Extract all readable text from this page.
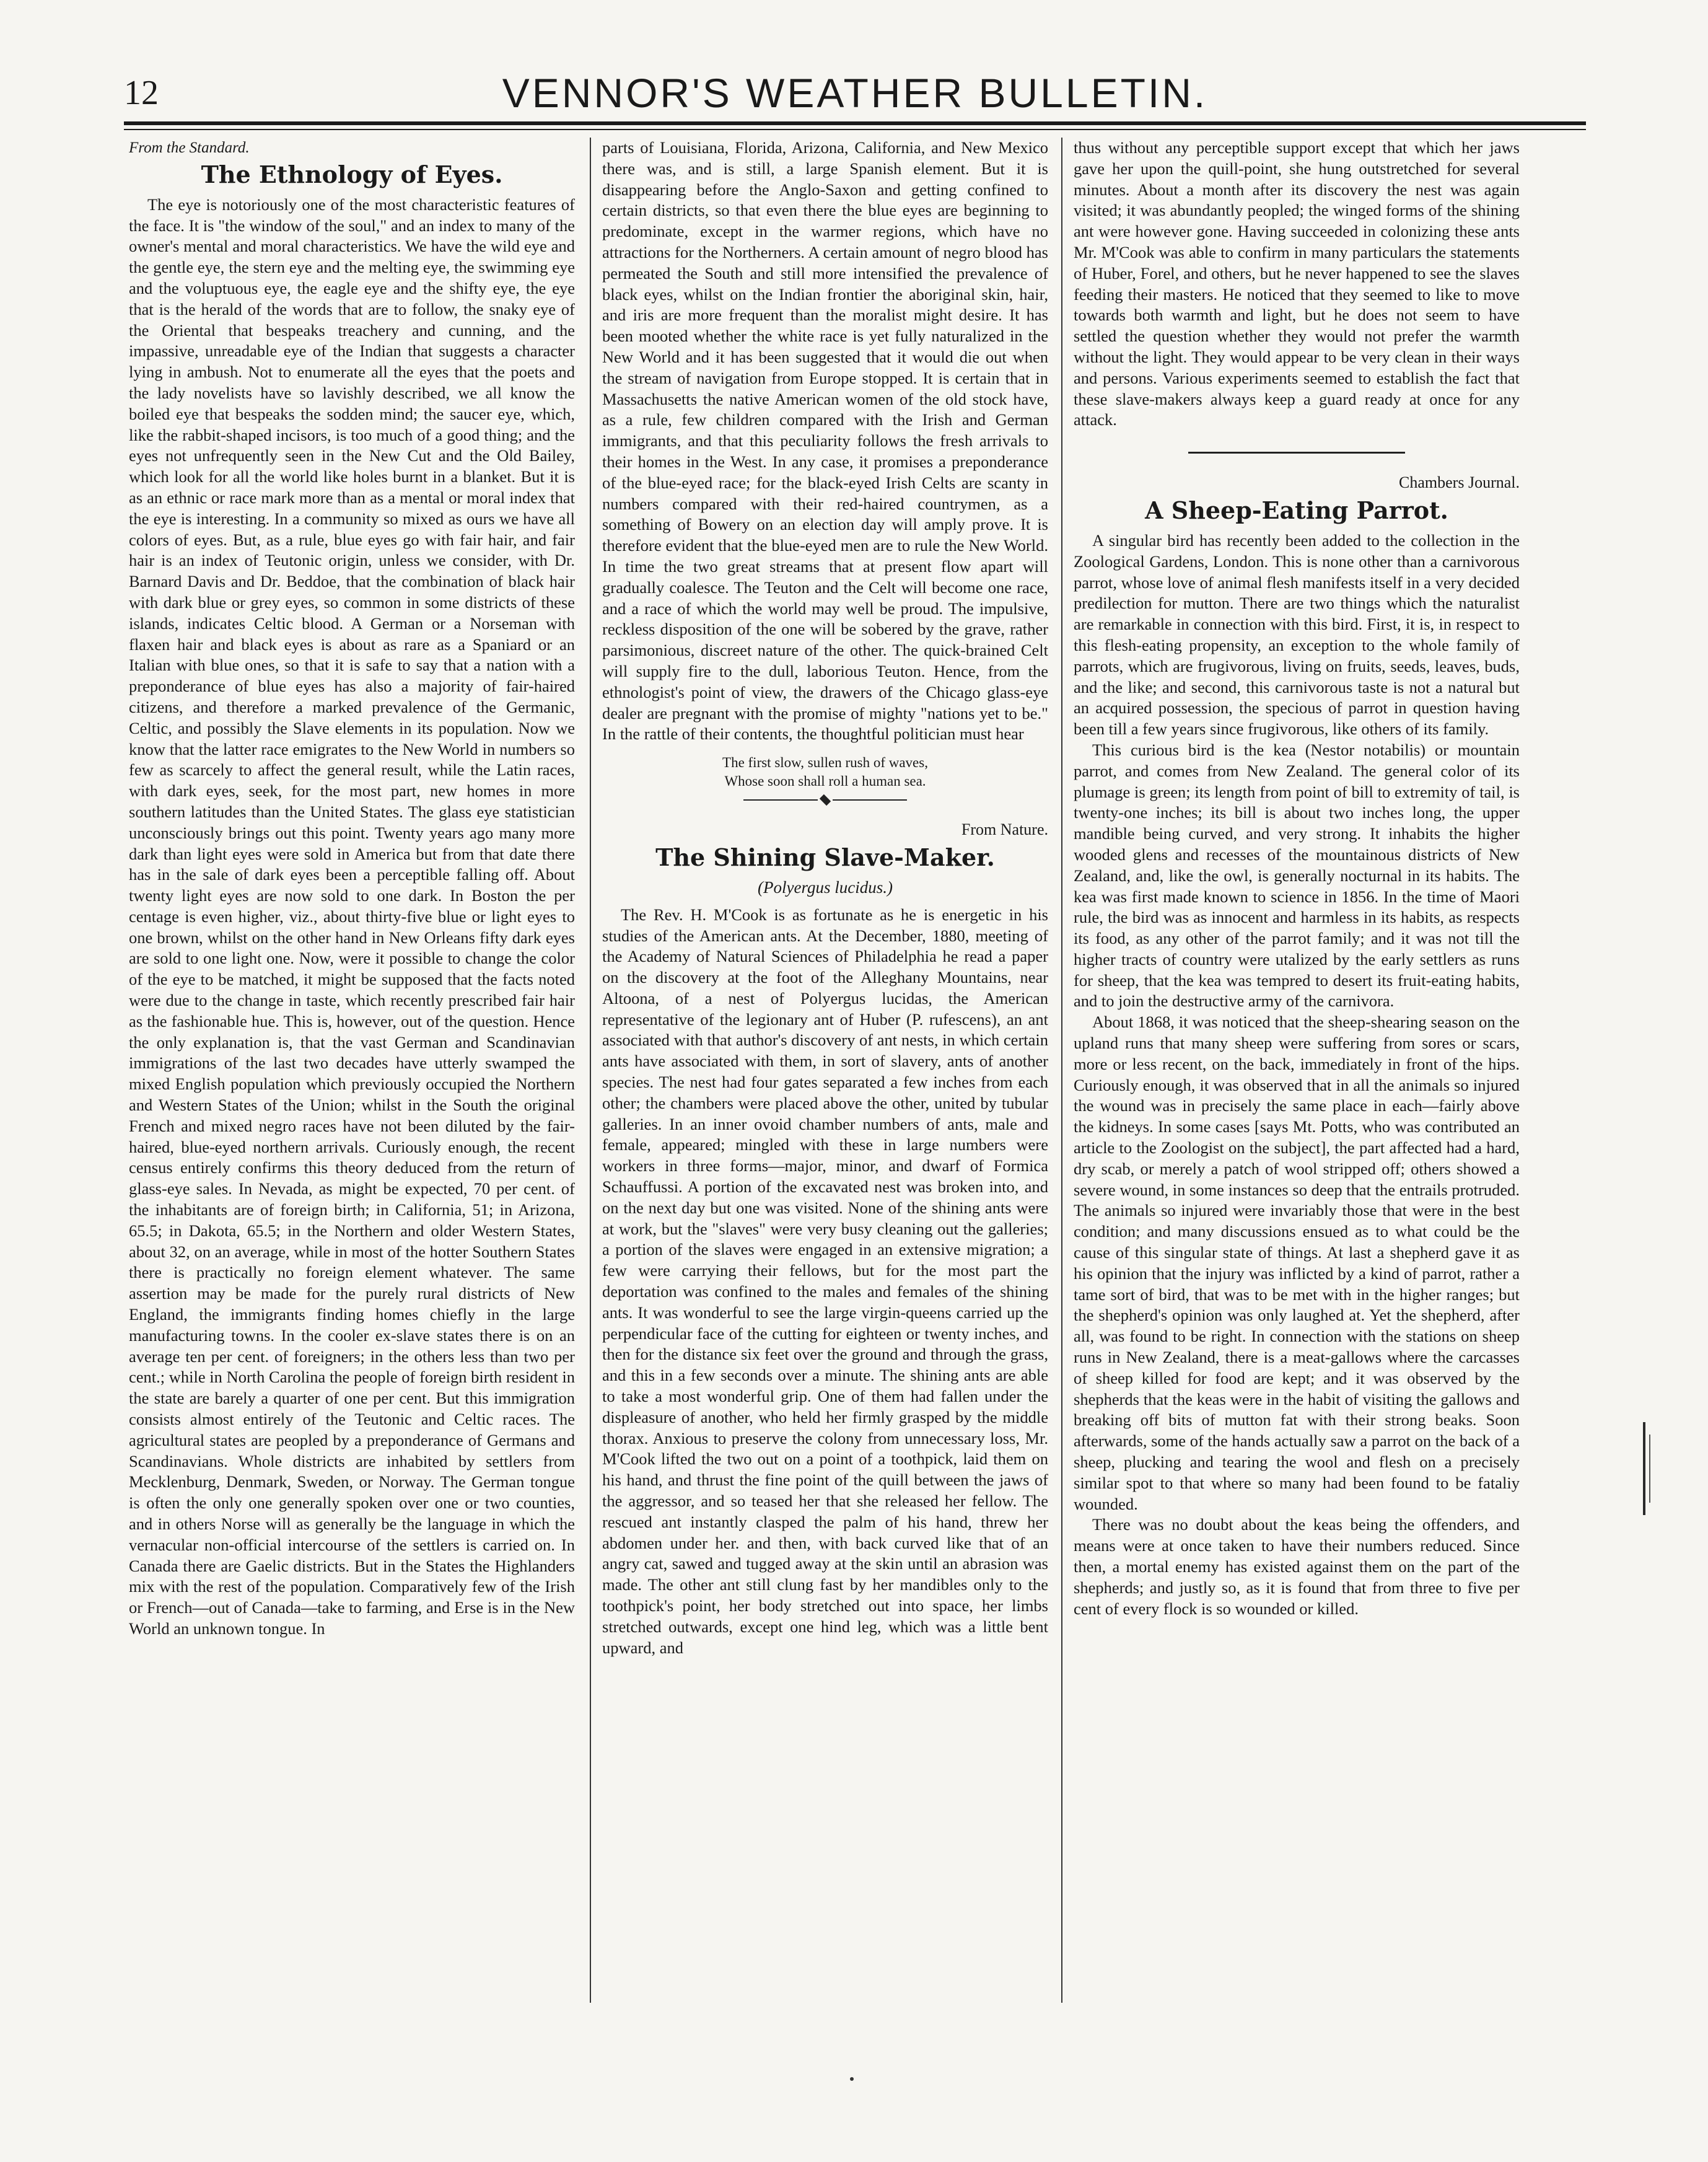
12	VENNOR'S WEATHER BULLETIN.
From the Standard.
The Ethnology of Eyes.

The eye is notoriously one of the most characteristic features of the face. It is "the window of the soul," and an index to many of the owner's mental and moral characteristics. We have the wild eye and the gentle eye, the stern eye and the melting eye, the swimming eye and the voluptuous eye, the eagle eye and the shifty eye, the eye that is the herald of the words that are to follow, the snaky eye of the Oriental that bespeaks treachery and cunning, and the impassive, unreadable eye of the Indian that suggests a character lying in ambush. Not to enumerate all the eyes that the poets and the lady novelists have so lavishly described, we all know the boiled eye that bespeaks the sodden mind; the saucer eye, which, like the rabbit-shaped incisors, is too much of a good thing; and the eyes not unfrequently seen in the New Cut and the Old Bailey, which look for all the world like holes burnt in a blanket. But it is as an ethnic or race mark more than as a mental or moral index that the eye is interesting. In a community so mixed as ours we have all colors of eyes. But, as a rule, blue eyes go with fair hair, and fair hair is an index of Teutonic origin, unless we consider, with Dr. Barnard Davis and Dr. Beddoe, that the combination of black hair with dark blue or grey eyes, so common in some districts of these islands, indicates Celtic blood. A German or a Norseman with flaxen hair and black eyes is about as rare as a Spaniard or an Italian with blue ones, so that it is safe to say that a nation with a preponderance of blue eyes has also a majority of fair-haired citizens, and therefore a marked prevalence of the Germanic, Celtic, and possibly the Slave elements in its population. Now we know that the latter race emigrates to the New World in numbers so few as scarcely to affect the general result, while the Latin races, with dark eyes, seek, for the most part, new homes in more southern latitudes than the United States. The glass eye statistician unconsciously brings out this point. Twenty years ago many more dark than light eyes were sold in America but from that date there has in the sale of dark eyes been a perceptible falling off. About twenty light eyes are now sold to one dark. In Boston the per centage is even higher, viz., about thirty-five blue or light eyes to one brown, whilst on the other hand in New Orleans fifty dark eyes are sold to one light one. Now, were it possible to change the color of the eye to be matched, it might be supposed that the facts noted were due to the change in taste, which recently prescribed fair hair as the fashionable hue. This is, however, out of the question. Hence the only explanation is, that the vast German and Scandinavian immigrations of the last two decades have utterly swamped the mixed English population which previously occupied the Northern and Western States of the Union; whilst in the South the original French and mixed negro races have not been diluted by the fair-haired, blue-eyed northern arrivals. Curiously enough, the recent census entirely confirms this theory deduced from the return of glass-eye sales. In Nevada, as might be expected, 70 per cent. of the inhabitants are of foreign birth; in California, 51; in Arizona, 65.5; in Dakota, 65.5; in the Northern and older Western States, about 32, on an average, while in most of the hotter Southern States there is practically no foreign element whatever. The same assertion may be made for the purely rural districts of New England, the immigrants finding homes chiefly in the large manufacturing towns. In the cooler ex-slave states there is on an average ten per cent. of foreigners; in the others less than two per cent.; while in North Carolina the people of foreign birth resident in the state are barely a quarter of one per cent. But this immigration consists almost entirely of the Teutonic and Celtic races. The agricultural states are peopled by a preponderance of Germans and Scandinavians. Whole districts are inhabited by settlers from Mecklenburg, Denmark, Sweden, or Norway. The German tongue is often the only one generally spoken over one or two counties, and in others Norse will as generally be the language in which the vernacular non-official intercourse of the settlers is carried on. In Canada there are Gaelic districts. But in the States the Highlanders mix with the rest of the population. Comparatively few of the Irish or French—out of Canada—take to farming, and Erse is in the New World an unknown tongue. In

parts of Louisiana, Florida, Arizona, California, and New Mexico there was, and is still, a large Spanish element. But it is disappearing before the Anglo-Saxon and getting confined to certain districts, so that even there the blue eyes are beginning to predominate, except in the warmer regions, which have no attractions for the Northerners. A certain amount of negro blood has permeated the South and still more intensified the prevalence of black eyes, whilst on the Indian frontier the aboriginal skin, hair, and iris are more frequent than the moralist might desire. It has been mooted whether the white race is yet fully naturalized in the New World and it has been suggested that it would die out when the stream of navigation from Europe stopped. It is certain that in Massachusetts the native American women of the old stock have, as a rule, few children compared with the Irish and German immigrants, and that this peculiarity follows the fresh arrivals to their homes in the West. In any case, it promises a preponderance of the blue-eyed race; for the black-eyed Irish Celts are scanty in numbers compared with their red-haired countrymen, as a something of Bowery on an election day will amply prove. It is therefore evident that the blue-eyed men are to rule the New World. In time the two great streams that at present flow apart will gradually coalesce. The Teuton and the Celt will become one race, and a race of which the world may well be proud. The impulsive, reckless disposition of the one will be sobered by the grave, rather parsimonious, discreet nature of the other. The quick-brained Celt will supply fire to the dull, laborious Teuton. Hence, from the ethnologist's point of view, the drawers of the Chicago glass-eye dealer are pregnant with the promise of mighty "nations yet to be." In the rattle of their contents, the thoughtful politician must hear

The first slow, sullen rush of waves,
Whose soon shall roll a human sea.
From Nature.
The Shining Slave-Maker.
(Polyergus lucidus.)

The Rev. H. M'Cook is as fortunate as he is energetic in his studies of the American ants. At the December, 1880, meeting of the Academy of Natural Sciences of Philadelphia he read a paper on the discovery at the foot of the Alleghany Mountains, near Altoona, of a nest of Polyergus lucidas, the American representative of the legionary ant of Huber (P. rufescens), an ant associated with that author's discovery of ant nests, in which certain ants have associated with them, in sort of slavery, ants of another species. The nest had four gates separated a few inches from each other; the chambers were placed above the other, united by tubular galleries. In an inner ovoid chamber numbers of ants, male and female, appeared; mingled with these in large numbers were workers in three forms—major, minor, and dwarf of Formica Schauffussi. A portion of the excavated nest was broken into, and on the next day but one was visited. None of the shining ants were at work, but the "slaves" were very busy cleaning out the galleries; a portion of the slaves were engaged in an extensive migration; a few were carrying their fellows, but for the most part the deportation was confined to the males and females of the shining ants. It was wonderful to see the large virgin-queens carried up the perpendicular face of the cutting for eighteen or twenty inches, and then for the distance six feet over the ground and through the grass, and this in a few seconds over a minute. The shining ants are able to take a most wonderful grip. One of them had fallen under the displeasure of another, who held her firmly grasped by the middle thorax. Anxious to preserve the colony from unnecessary loss, Mr. M'Cook lifted the two out on a point of a toothpick, laid them on his hand, and thrust the fine point of the quill between the jaws of the aggressor, and so teased her that she released her fellow. The rescued ant instantly clasped the palm of his hand, threw her abdomen under her. and then, with back curved like that of an angry cat, sawed and tugged away at the skin until an abrasion was made. The other ant still clung fast by her mandibles only to the toothpick's point, her body stretched out into space, her limbs stretched outwards, except one hind leg, which was a little bent upward, and

thus without any perceptible support except that which her jaws gave her upon the quill-point, she hung outstretched for several minutes. About a month after its discovery the nest was again visited; it was abundantly peopled; the winged forms of the shining ant were however gone. Having succeeded in colonizing these ants Mr. M'Cook was able to confirm in many particulars the statements of Huber, Forel, and others, but he never happened to see the slaves feeding their masters. He noticed that they seemed to like to move towards both warmth and light, but he does not seem to have settled the question whether they would not prefer the warmth without the light. They would appear to be very clean in their ways and persons. Various experiments seemed to establish the fact that these slave-makers always keep a guard ready at once for any attack.

Chambers Journal.
A Sheep-Eating Parrot.

A singular bird has recently been added to the collection in the Zoological Gardens, London. This is none other than a carnivorous parrot, whose love of animal flesh manifests itself in a very decided predilection for mutton. There are two things which the naturalist are remarkable in connection with this bird. First, it is, in respect to this flesh-eating propensity, an exception to the whole family of parrots, which are frugivorous, living on fruits, seeds, leaves, buds, and the like; and second, this carnivorous taste is not a natural but an acquired possession, the specious of parrot in question having been till a few years since frugivorous, like others of its family.

This curious bird is the kea (Nestor notabilis) or mountain parrot, and comes from New Zealand. The general color of its plumage is green; its length from point of bill to extremity of tail, is twenty-one inches; its bill is about two inches long, the upper mandible being curved, and very strong. It inhabits the higher wooded glens and recesses of the mountainous districts of New Zealand, and, like the owl, is generally nocturnal in its habits. The kea was first made known to science in 1856. In the time of Maori rule, the bird was as innocent and harmless in its habits, as respects its food, as any other of the parrot family; and it was not till the higher tracts of country were utalized by the early settlers as runs for sheep, that the kea was tempred to desert its fruit-eating habits, and to join the destructive army of the carnivora.

About 1868, it was noticed that the sheep-shearing season on the upland runs that many sheep were suffering from sores or scars, more or less recent, on the back, immediately in front of the hips. Curiously enough, it was observed that in all the animals so injured the wound was in precisely the same place in each—fairly above the kidneys. In some cases [says Mt. Potts, who was contributed an article to the Zoologist on the subject], the part affected had a hard, dry scab, or merely a patch of wool stripped off; others showed a severe wound, in some instances so deep that the entrails protruded. The animals so injured were invariably those that were in the best condition; and many discussions ensued as to what could be the cause of this singular state of things. At last a shepherd gave it as his opinion that the injury was inflicted by a kind of parrot, rather a tame sort of bird, that was to be met with in the higher ranges; but the shepherd's opinion was only laughed at. Yet the shepherd, after all, was found to be right. In connection with the stations on sheep runs in New Zealand, there is a meat-gallows where the carcasses of sheep killed for food are kept; and it was observed by the shepherds that the keas were in the habit of visiting the gallows and breaking off bits of mutton fat with their strong beaks. Soon afterwards, some of the hands actually saw a parrot on the back of a sheep, plucking and tearing the wool and flesh on a precisely similar spot to that where so many had been found to be fataliy wounded.

There was no doubt about the keas being the offenders, and means were at once taken to have their numbers reduced. Since then, a mortal enemy has existed against them on the part of the shepherds; and justly so, as it is found that from three to five per cent of every flock is so wounded or killed.
